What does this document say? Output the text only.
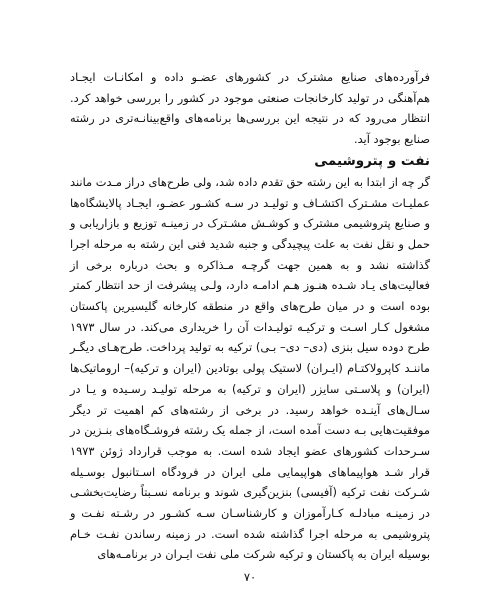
فرآورده‌های صنایع مشترک در کشورهای عضـو داده و امکانـات ایجـاد هم‌آهنگی در تولید کارخانجات صنعتی موجود در کشور را بررسی خواهد کرد. انتظار می‌رود که در نتیجه این بررسی‌ها برنامه‌های واقع‌بینانـه‌تری در رشته صنایع بوجود آید.

نفت و پتروشیمی

گر چه از ابتدا به این رشته حق تقدم داده شد، ولی طرح‌های دراز مـدت مانند عملیـات مشـترک اکتشـاف و تولیـد در سـه کشـور عضـو، ایجـاد پالایشگاه‌ها و صنایع پتروشیمی مشترک و کوشـش مشـترک در زمینـه توزیع و بازاریابی و حمل و نقل نفت به علت پیچیدگی و جنبه شدید فنی این رشته به مرحله اجرا گذاشته نشد و به همین جهت گرچـه مـذاکره و بحث درباره برخی از فعالیت‌های یـاد شـده هنـوز هـم ادامـه دارد، ولـی پیشرفت از حد انتظار کمتر بوده است و در میان طرح‌های واقع در منطقه کارخانه گلیسیرین پاکستان مشغول کـار اسـت و ترکیـه تولیـدات آن را خریداری می‌کند. در سال ۱۹۷۳ طرح دوده سیل بنزی (دی– دی– بـی) ترکیه به تولید پرداخت. طرح‌هـای دیگـر ماننـد کاپرولاکتـام (ایـران) لاستیک پولی بوتادین (ایران و ترکیه)– اروماتیک‌ها (ایران) و پلاسـتی سایزر (ایران و ترکیه) به مرحله تولیـد رسـیده و یـا در سـال‌های آینـده خواهد رسید. در برخی از رشته‌های کم اهمیت تر دیگر موفقیت‌هایی بـه دست آمده است، از جمله یک رشته فروشـگاه‌های بنـزین در سـرحدات کشورهای عضو ایجاد شده است. به موجب قرارداد ژوئن ۱۹۷۳ قرار شـد هواپیماهای هواپیمایی ملی ایران در فرودگاه اسـتانبول بوسـیله شـرکت نفت ترکیه (آفیسی) بنزین‌گیری شوند و برنامه نسـبتاً رضایت‌بخشـی در زمینـه مبادلـه کـارآموزان و کارشناسـان سـه کشـور در رشـته نفـت و پتروشیمی به مرحله اجرا گذاشته شده است. در زمینه رساندن نفـت خـام بوسیله ایران به پاکستان و ترکیه شرکت ملی نفت ایـران در برنامـه‌های

۷۰
